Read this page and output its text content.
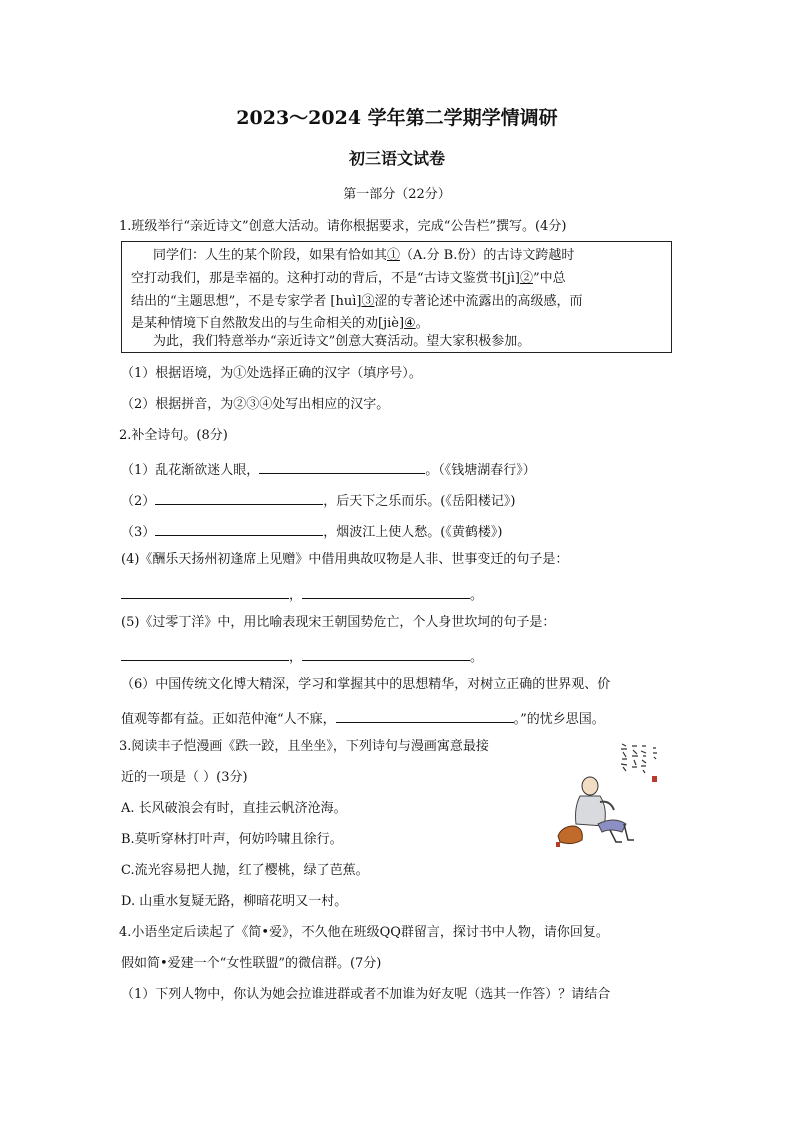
2023～2024 学年第二学期学情调研
初三语文试卷
第一部分（22分）
1.班级举行“亲近诗文”创意大活动。请你根据要求，完成“公告栏”撰写。(4分)
同学们：人生的某个阶段，如果有恰如其①（A.分 B.份）的古诗文跨越时
空打动我们，那是幸福的。这种打动的背后，不是“古诗文鉴赏书[jì]②”中总
结出的“主题思想”，不是专家学者 [huì]③涩的专著论述中流露出的高级感，而
是某种情境下自然散发出的与生命相关的劝[jiè]④。
为此，我们特意举办“亲近诗文”创意大赛活动。望大家积极参加。
（1）根据语境，为①处选择正确的汉字（填序号）。
（2）根据拼音，为②③④处写出相应的汉字。
2.补全诗句。(8分)
（1）乱花渐欲迷人眼，	。（《钱塘湖春行》）
（2）	，后天下之乐而乐。(《岳阳楼记》)
（3）	，烟波江上使人愁。(《黄鹤楼》)
(4)《酬乐天扬州初逢席上见赠》中借用典故叹物是人非、世事变迁的句子是：
，	。
(5)《过零丁洋》中，用比喻表现宋王朝国势危亡，个人身世坎坷的句子是：
，	。
（6）中国传统文化博大精深，学习和掌握其中的思想精华，对树立正确的世界观、价
值观等都有益。正如范仲淹“人不寐，	。”的忧乡思国。
3.阅读丰子恺漫画《跌一跤，且坐坐》，下列诗句与漫画寓意最接
近的一项是（ ）(3分)
A. 长风破浪会有时，直挂云帆济沧海。
B.莫听穿林打叶声，何妨吟啸且徐行。
C.流光容易把人抛，红了樱桃，绿了芭蕉。
D. 山重水复疑无路，柳暗花明又一村。
4.小语坐定后读起了《简•爱》，不久他在班级QQ群留言，探讨书中人物，请你回复。
假如简•爱建一个“女性联盟”的微信群。(7分)
（1）下列人物中，你认为她会拉谁进群或者不加谁为好友呢（选其一作答）？请结合
